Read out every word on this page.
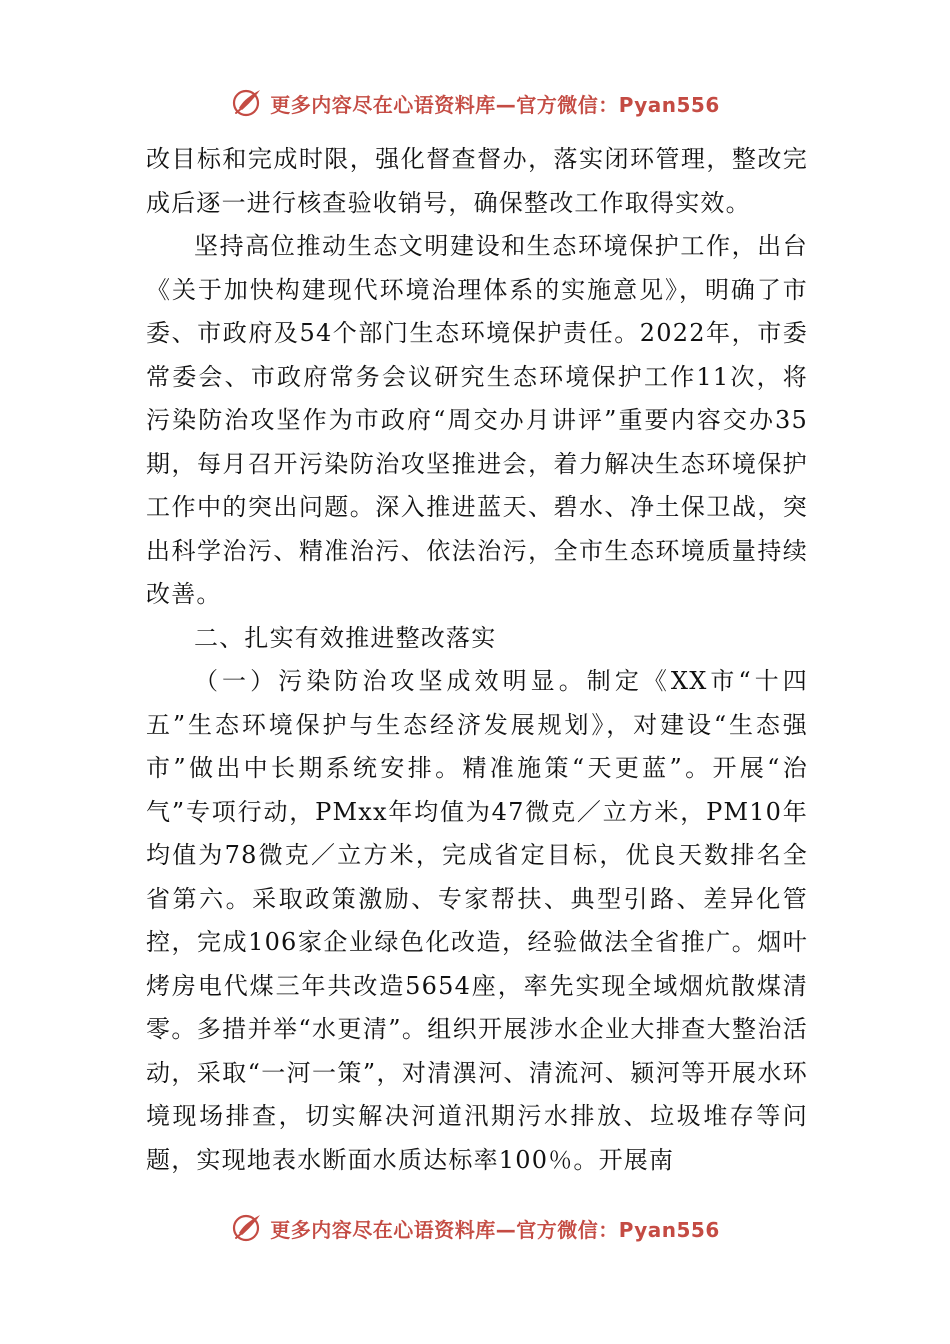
更多内容尽在心语资料库—官方微信：Pyan556

改目标和完成时限，强化督查督办，落实闭环管理，整改完成后逐一进行核查验收销号，确保整改工作取得实效。

坚持高位推动生态文明建设和生态环境保护工作，出台《关于加快构建现代环境治理体系的实施意见》，明确了市委、市政府及54个部门生态环境保护责任。2022年，市委常委会、市政府常务会议研究生态环境保护工作11次，将污染防治攻坚作为市政府“周交办月讲评”重要内容交办35期，每月召开污染防治攻坚推进会，着力解决生态环境保护工作中的突出问题。深入推进蓝天、碧水、净土保卫战，突出科学治污、精准治污、依法治污，全市生态环境质量持续改善。

二、扎实有效推进整改落实

（一）污染防治攻坚成效明显。制定《XX市“十四五”生态环境保护与生态经济发展规划》，对建设“生态强市”做出中长期系统安排。精准施策“天更蓝”。开展“治气”专项行动，PMxx年均值为47微克／立方米，PM10年均值为78微克／立方米，完成省定目标，优良天数排名全省第六。采取政策激励、专家帮扶、典型引路、差异化管控，完成106家企业绿色化改造，经验做法全省推广。烟叶烤房电代煤三年共改造5654座，率先实现全域烟炕散煤清零。多措并举“水更清”。组织开展涉水企业大排查大整治活动，采取“一河一策”，对清潩河、清流河、颍河等开展水环境现场排查，切实解决河道汛期污水排放、垃圾堆存等问题，实现地表水断面水质达标率100％。开展南

更多内容尽在心语资料库—官方微信：Pyan556
